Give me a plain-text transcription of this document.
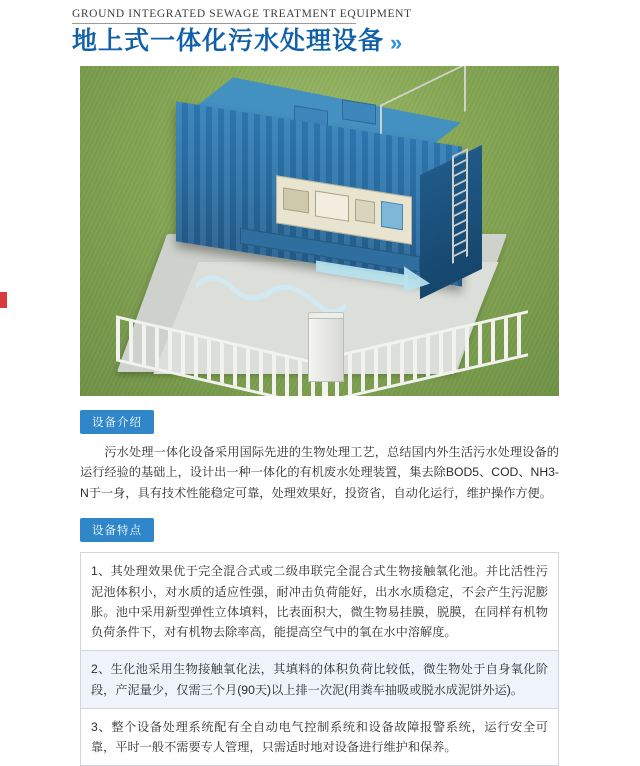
GROUND INTEGRATED SEWAGE TREATMENT EQUIPMENT
地上式一体化污水处理设备 »
设备介绍

污水处理一体化设备采用国际先进的生物处理工艺，总结国内外生活污水处理设备的运行经验的基础上，设计出一种一体化的有机废水处理装置，集去除BOD5、COD、NH3-N于一身，具有技术性能稳定可靠，处理效果好，投资省，自动化运行，维护操作方便。

设备特点
1、其处理效果优于完全混合式或二级串联完全混合式生物接触氧化池。并比活性污泥池体积小，对水质的适应性强，耐冲击负荷能好，出水水质稳定，不会产生污泥膨胀。池中采用新型弹性立体填料，比表面积大，微生物易挂膜，脱膜，在同样有机物负荷条件下，对有机物去除率高，能提高空气中的氧在水中溶解度。
2、生化池采用生物接触氧化法，其填料的体积负荷比较低，微生物处于自身氧化阶段，产泥量少，仅需三个月(90天)以上排一次泥(用粪车抽吸或脱水成泥饼外运)。
3、整个设备处理系统配有全自动电气控制系统和设备故障报警系统，运行安全可靠，平时一般不需要专人管理，只需适时地对设备进行维护和保养。
